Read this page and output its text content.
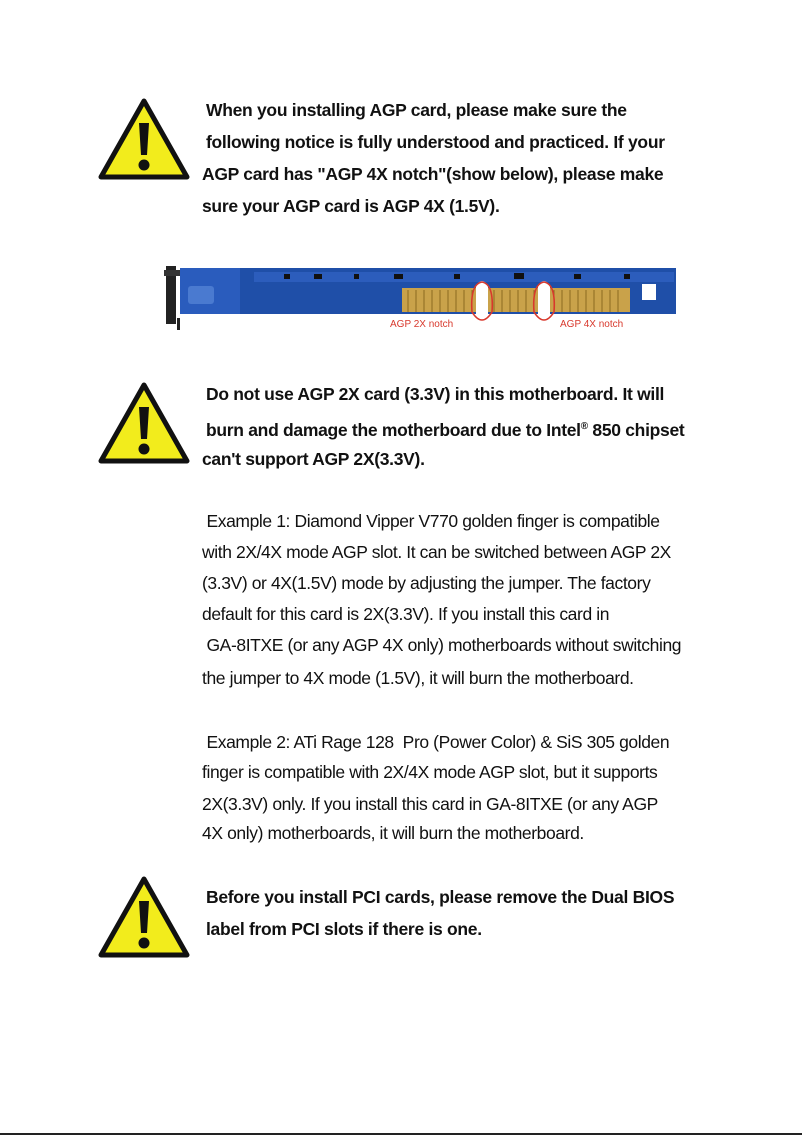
When you installing AGP card, please make sure the
following notice is fully understood and practiced. If your
AGP card has "AGP 4X notch"(show below), please make
sure your AGP card is AGP 4X (1.5V).
AGP 2X notch	AGP 4X notch
Do not use AGP 2X card (3.3V) in this motherboard. It will
burn and damage the motherboard due to Intel® 850 chipset
can't support AGP 2X(3.3V).
Example 1: Diamond Vipper V770 golden finger is compatible
with 2X/4X mode AGP slot. It can be switched between AGP 2X
(3.3V) or 4X(1.5V) mode by adjusting the jumper. The factory
default for this card is 2X(3.3V). If you install this card in
GA-8ITXE (or any AGP 4X only) motherboards without switching
the jumper to 4X mode (1.5V), it will burn the motherboard.
Example 2: ATi Rage 128  Pro (Power Color) & SiS 305 golden
finger is compatible with 2X/4X mode AGP slot, but it supports
2X(3.3V) only. If you install this card in GA-8ITXE (or any AGP
4X only) motherboards, it will burn the motherboard.
Before you install PCI cards, please remove the Dual BIOS
label from PCI slots if there is one.
